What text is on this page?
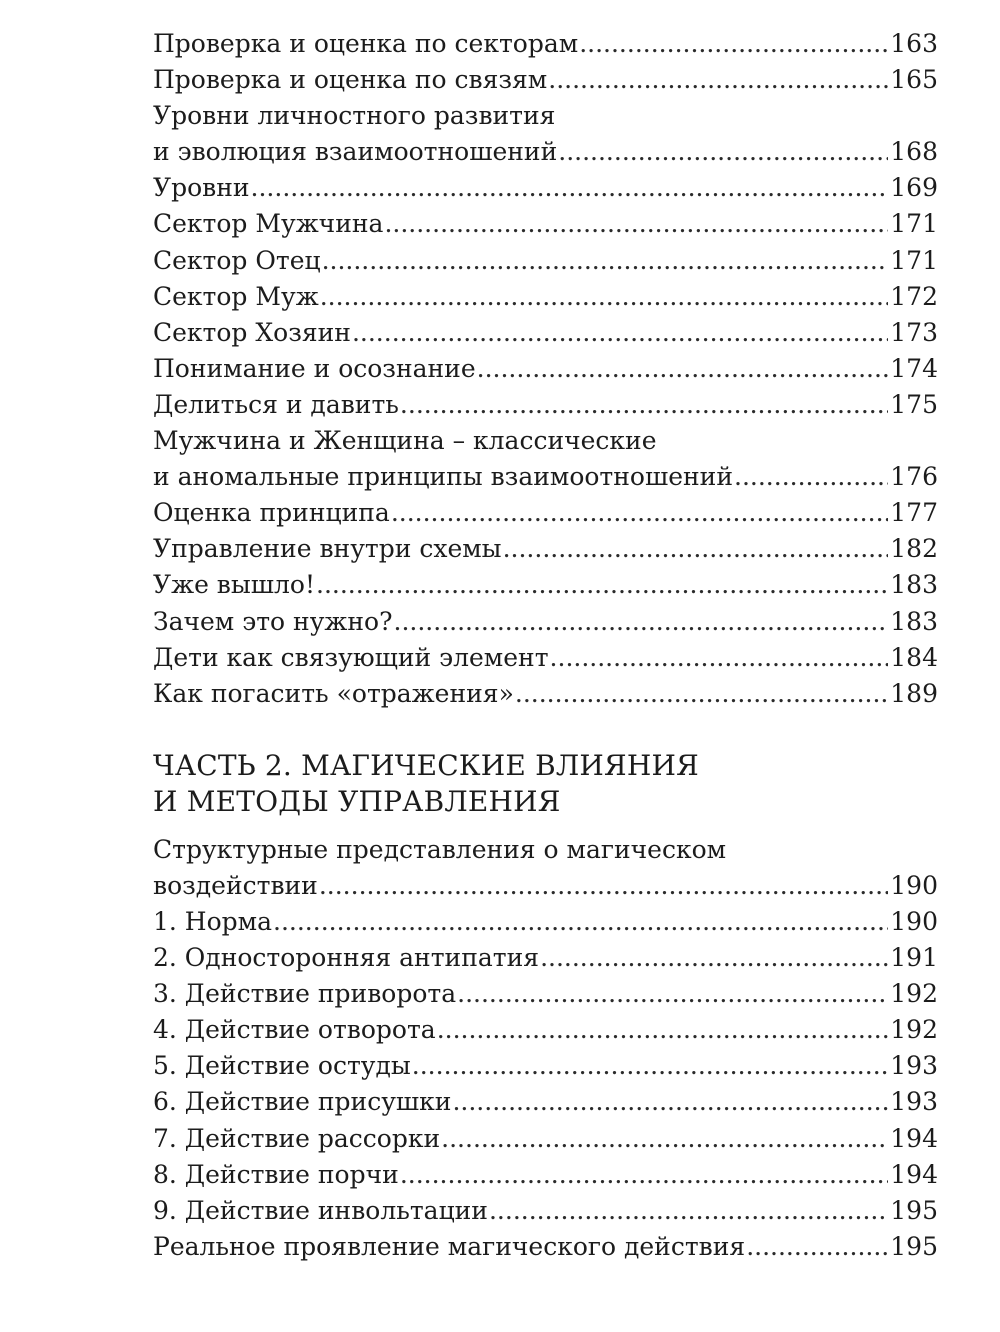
Проверка и оценка по секторам .....	163
Проверка и оценка по связям .....	165
Уровни личностного развития
и эволюция взаимоотношений .....	168
Уровни .....	169
Сектор Мужчина .....	171
Сектор Отец .....	171
Сектор Муж .....	172
Сектор Хозяин .....	173
Понимание и осознание .....	174
Делиться и давить .....	175
Мужчина и Женщина – классические
и аномальные принципы взаимоотношений .....	176
Оценка принципа .....	177
Управление внутри схемы .....	182
Уже вышло! .....	183
Зачем это нужно? .....	183
Дети как связующий элемент .....	184
Как погасить «отражения» .....	189
ЧАСТЬ 2. МАГИЧЕСКИЕ ВЛИЯНИЯ
И МЕТОДЫ УПРАВЛЕНИЯ
Структурные представления о магическом
воздействии .....	190
1. Норма .....	190
2. Односторонняя антипатия .....	191
3. Действие приворота .....	192
4. Действие отворота .....	192
5. Действие остуды .....	193
6. Действие присушки .....	193
7. Действие рассорки .....	194
8. Действие порчи .....	194
9. Действие инвольтации .....	195
Реальное проявление магического действия .....	195
